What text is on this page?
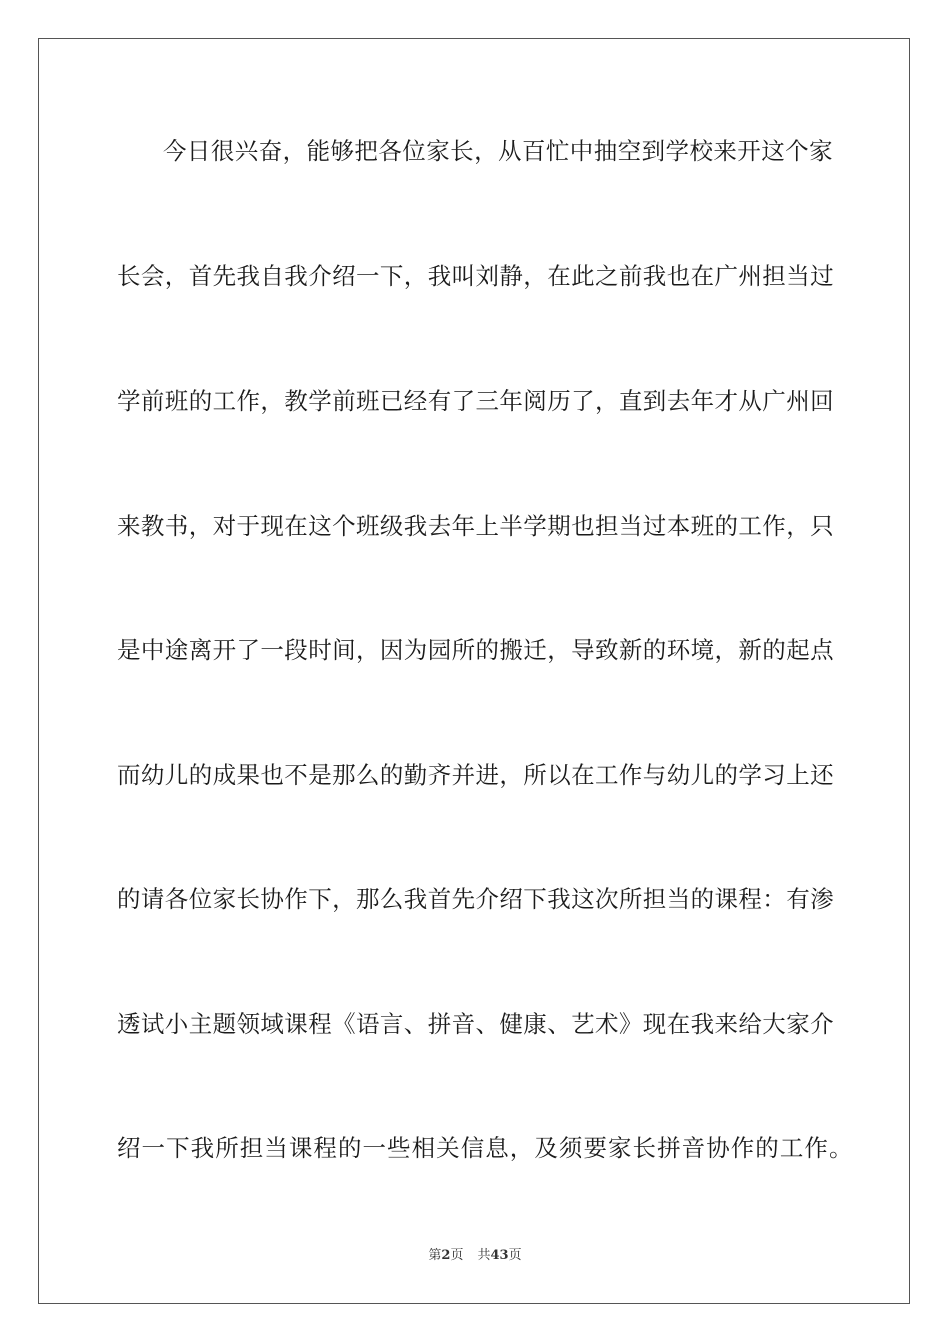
今日很兴奋，能够把各位家长，从百忙中抽空到学校来开这个家
长会，首先我自我介绍一下，我叫刘静，在此之前我也在广州担当过
学前班的工作，教学前班已经有了三年阅历了，直到去年才从广州回
来教书，对于现在这个班级我去年上半学期也担当过本班的工作，只
是中途离开了一段时间，因为园所的搬迁，导致新的环境，新的起点
而幼儿的成果也不是那么的勤齐并进，所以在工作与幼儿的学习上还
的请各位家长协作下，那么我首先介绍下我这次所担当的课程：有渗
透试小主题领域课程《语言、拼音、健康、艺术》现在我来给大家介
绍一下我所担当课程的一些相关信息，及须要家长拼音协作的工作。
第2页 共43页
